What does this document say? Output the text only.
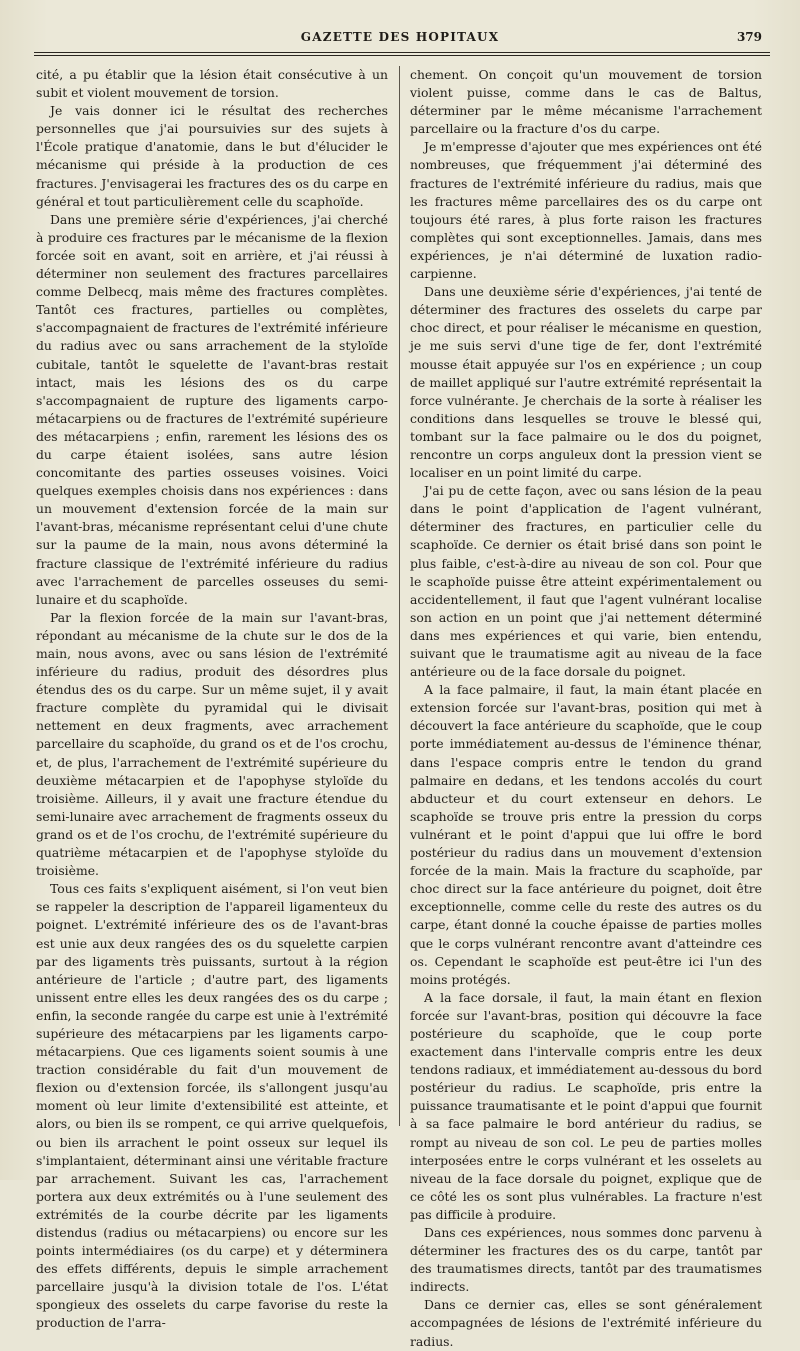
GAZETTE DES HOPITAUX	379

cité, a pu établir que la lésion était consécutive à un subit et violent mouvement de torsion.

Je vais donner ici le résultat des recherches personnelles que j'ai poursuivies sur des sujets à l'École pratique d'anatomie, dans le but d'élucider le mécanisme qui préside à la production de ces fractures. J'envisagerai les fractures des os du carpe en général et tout particulièrement celle du scaphoïde.

Dans une première série d'expériences, j'ai cherché à produire ces fractures par le mécanisme de la flexion forcée soit en avant, soit en arrière, et j'ai réussi à déterminer non seulement des fractures parcellaires comme Delbecq, mais même des fractures complètes. Tantôt ces fractures, partielles ou complètes, s'accompagnaient de fractures de l'extrémité inférieure du radius avec ou sans arrachement de la styloïde cubitale, tantôt le squelette de l'avant-bras restait intact, mais les lésions des os du carpe s'accompagnaient de rupture des ligaments carpo-métacarpiens ou de fractures de l'extrémité supérieure des métacarpiens ; enfin, rarement les lésions des os du carpe étaient isolées, sans autre lésion concomitante des parties osseuses voisines. Voici quelques exemples choisis dans nos expériences : dans un mouvement d'extension forcée de la main sur l'avant-bras, mécanisme représentant celui d'une chute sur la paume de la main, nous avons déterminé la fracture classique de l'extrémité inférieure du radius avec l'arrachement de parcelles osseuses du semi-lunaire et du scaphoïde.

Par la flexion forcée de la main sur l'avant-bras, répondant au mécanisme de la chute sur le dos de la main, nous avons, avec ou sans lésion de l'extrémité inférieure du radius, produit des désordres plus étendus des os du carpe. Sur un même sujet, il y avait fracture complète du pyramidal qui le divisait nettement en deux fragments, avec arrachement parcellaire du scaphoïde, du grand os et de l'os crochu, et, de plus, l'arrachement de l'extrémité supérieure du deuxième métacarpien et de l'apophyse styloïde du troisième. Ailleurs, il y avait une fracture étendue du semi-lunaire avec arrachement de fragments osseux du grand os et de l'os crochu, de l'extrémité supérieure du quatrième métacarpien et de l'apophyse styloïde du troisième.

Tous ces faits s'expliquent aisément, si l'on veut bien se rappeler la description de l'appareil ligamenteux du poignet. L'extrémité inférieure des os de l'avant-bras est unie aux deux rangées des os du squelette carpien par des ligaments très puissants, surtout à la région antérieure de l'article ; d'autre part, des ligaments unissent entre elles les deux rangées des os du carpe ; enfin, la seconde rangée du carpe est unie à l'extrémité supérieure des métacarpiens par les ligaments carpo-métacarpiens. Que ces ligaments soient soumis à une traction considérable du fait d'un mouvement de flexion ou d'extension forcée, ils s'allongent jusqu'au moment où leur limite d'extensibilité est atteinte, et alors, ou bien ils se rompent, ce qui arrive quelquefois, ou bien ils arrachent le point osseux sur lequel ils s'implantaient, déterminant ainsi une véritable fracture par arrachement. Suivant les cas, l'arrachement portera aux deux extrémités ou à l'une seulement des extrémités de la courbe décrite par les ligaments distendus (radius ou métacarpiens) ou encore sur les points intermédiaires (os du carpe) et y déterminera des effets différents, depuis le simple arrachement parcellaire jusqu'à la division totale de l'os. L'état spongieux des osselets du carpe favorise du reste la production de l'arra-

chement. On conçoit qu'un mouvement de torsion violent puisse, comme dans le cas de Baltus, déterminer par le même mécanisme l'arrachement parcellaire ou la fracture d'os du carpe.

Je m'empresse d'ajouter que mes expériences ont été nombreuses, que fréquemment j'ai déterminé des fractures de l'extrémité inférieure du radius, mais que les fractures même parcellaires des os du carpe ont toujours été rares, à plus forte raison les fractures complètes qui sont exceptionnelles. Jamais, dans mes expériences, je n'ai déterminé de luxation radio-carpienne.

Dans une deuxième série d'expériences, j'ai tenté de déterminer des fractures des osselets du carpe par choc direct, et pour réaliser le mécanisme en question, je me suis servi d'une tige de fer, dont l'extrémité mousse était appuyée sur l'os en expérience ; un coup de maillet appliqué sur l'autre extrémité représentait la force vulnérante. Je cherchais de la sorte à réaliser les conditions dans lesquelles se trouve le blessé qui, tombant sur la face palmaire ou le dos du poignet, rencontre un corps anguleux dont la pression vient se localiser en un point limité du carpe.

J'ai pu de cette façon, avec ou sans lésion de la peau dans le point d'application de l'agent vulnérant, déterminer des fractures, en particulier celle du scaphoïde. Ce dernier os était brisé dans son point le plus faible, c'est-à-dire au niveau de son col. Pour que le scaphoïde puisse être atteint expérimentalement ou accidentellement, il faut que l'agent vulnérant localise son action en un point que j'ai nettement déterminé dans mes expériences et qui varie, bien entendu, suivant que le traumatisme agit au niveau de la face antérieure ou de la face dorsale du poignet.

A la face palmaire, il faut, la main étant placée en extension forcée sur l'avant-bras, position qui met à découvert la face antérieure du scaphoïde, que le coup porte immédiatement au-dessus de l'éminence thénar, dans l'espace compris entre le tendon du grand palmaire en dedans, et les tendons accolés du court abducteur et du court extenseur en dehors. Le scaphoïde se trouve pris entre la pression du corps vulnérant et le point d'appui que lui offre le bord postérieur du radius dans un mouvement d'extension forcée de la main. Mais la fracture du scaphoïde, par choc direct sur la face antérieure du poignet, doit être exceptionnelle, comme celle du reste des autres os du carpe, étant donné la couche épaisse de parties molles que le corps vulnérant rencontre avant d'atteindre ces os. Cependant le scaphoïde est peut-être ici l'un des moins protégés.

A la face dorsale, il faut, la main étant en flexion forcée sur l'avant-bras, position qui découvre la face postérieure du scaphoïde, que le coup porte exactement dans l'intervalle compris entre les deux tendons radiaux, et immédiatement au-dessous du bord postérieur du radius. Le scaphoïde, pris entre la puissance traumatisante et le point d'appui que fournit à sa face palmaire le bord antérieur du radius, se rompt au niveau de son col. Le peu de parties molles interposées entre le corps vulnérant et les osselets au niveau de la face dorsale du poignet, explique que de ce côté les os sont plus vulnérables. La fracture n'est pas difficile à produire.

Dans ces expériences, nous sommes donc parvenu à déterminer les fractures des os du carpe, tantôt par des traumatismes directs, tantôt par des traumatismes indirects.

Dans ce dernier cas, elles se sont généralement accompagnées de lésions de l'extrémité inférieure du radius.
